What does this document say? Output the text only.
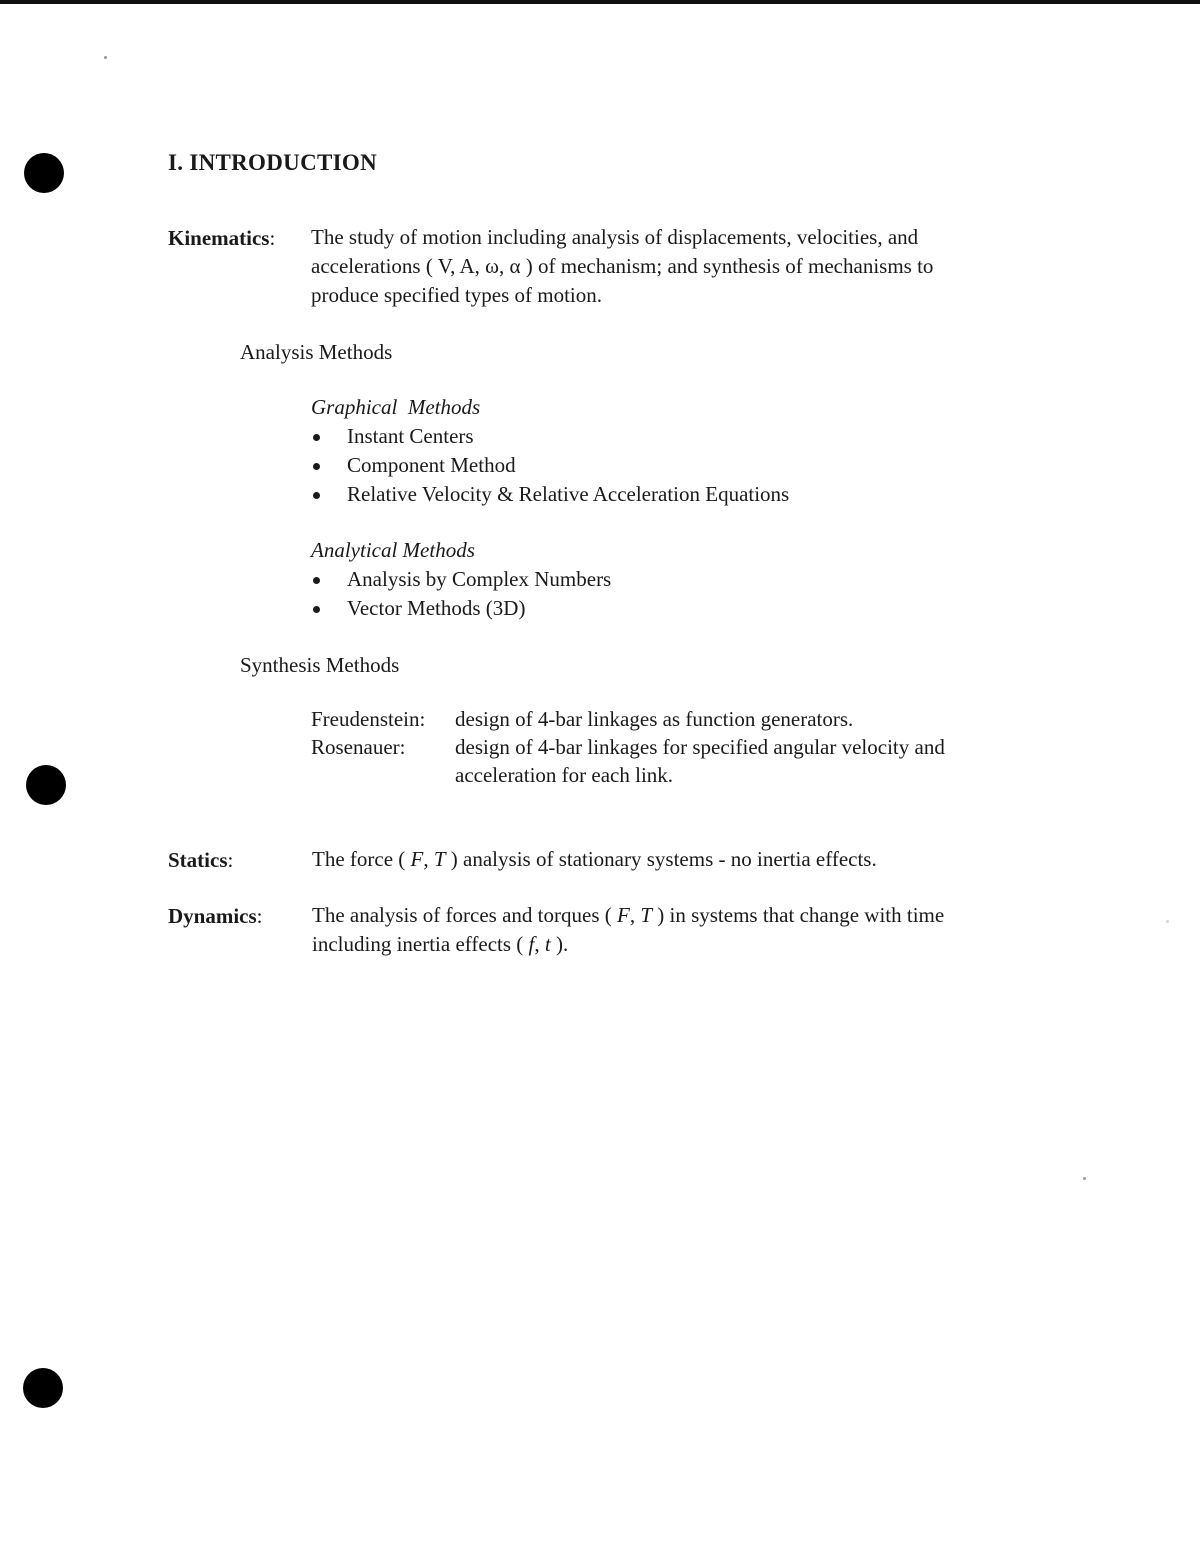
I. INTRODUCTION
Kinematics: The study of motion including analysis of displacements, velocities, and
accelerations ( V, A, ω, α ) of mechanism; and synthesis of mechanisms to
produce specified types of motion.
Analysis Methods
Graphical  Methods
Instant Centers
Component Method
Relative Velocity & Relative Acceleration Equations
Analytical Methods
Analysis by Complex Numbers
Vector Methods (3D)
Synthesis Methods
Freudenstein: design of 4-bar linkages as function generators.
Rosenauer: design of 4-bar linkages for specified angular velocity and
acceleration for each link.
Statics:	The force ( F, T ) analysis of stationary systems - no inertia effects.
Dynamics: The analysis of forces and torques ( F, T ) in systems that change with time
including inertia effects ( f, t ).
